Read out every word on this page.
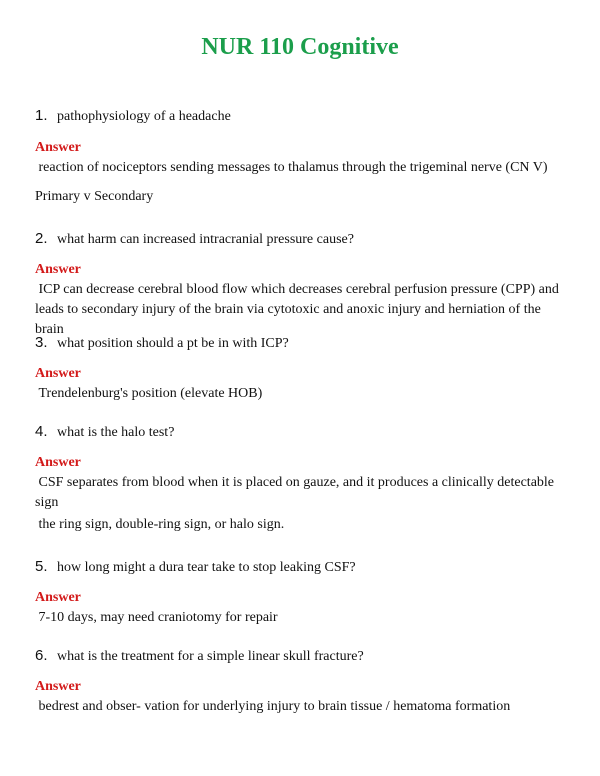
NUR 110 Cognitive
1. pathophysiology of a headache
Answer
reaction of nociceptors sending messages to thalamus through the trigeminal nerve (CN V)
Primary v Secondary
2. what harm can increased intracranial pressure cause?
Answer
ICP can decrease cerebral blood flow which decreases cerebral perfusion pressure (CPP) and leads to secondary injury of the brain via cytotoxic and anoxic injury and herniation of the brain
3. what position should a pt be in with ICP?
Answer
Trendelenburg's position (elevate HOB)
4. what is the halo test?
Answer
CSF separates from blood when it is placed on gauze, and it produces a clinically detectable sign
the ring sign, double-ring sign, or halo sign.
5. how long might a dura tear take to stop leaking CSF?
Answer
7-10 days, may need craniotomy for repair
6. what is the treatment for a simple linear skull fracture?
Answer
bedrest and obser- vation for underlying injury to brain tissue / hematoma formation
